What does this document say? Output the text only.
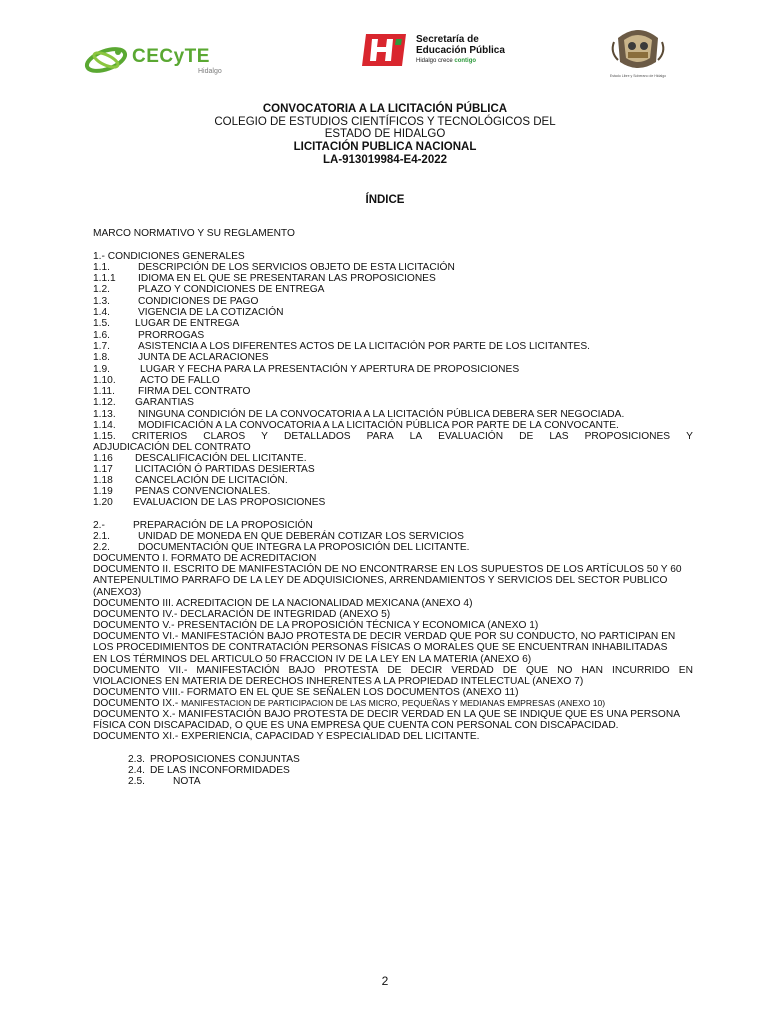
CECyTE
Hidalgo
Secretaría de
Educación Pública
Hidalgo crece contigo
Estado Libre y Soberano de Hidalgo
CONVOCATORIA A LA LICITACIÓN PÚBLICA
COLEGIO DE ESTUDIOS CIENTÍFICOS Y TECNOLÓGICOS DEL
ESTADO DE HIDALGO
LICITACIÓN PUBLICA NACIONAL
LA-913019984-E4-2022
ÍNDICE
MARCO NORMATIVO Y SU REGLAMENTO
1.- CONDICIONES GENERALES
1.1.	DESCRIPCIÓN DE LOS SERVICIOS OBJETO DE ESTA LICITACIÓN
1.1.1 IDIOMA EN EL QUE SE PRESENTARAN LAS PROPOSICIONES
1.2.	PLAZO Y CONDICIONES DE ENTREGA
1.3.	CONDICIONES DE PAGO
1.4.	VIGENCIA DE LA COTIZACIÓN
1.5. LUGAR DE ENTREGA
1.6.	PRORROGAS
1.7.	ASISTENCIA A LOS DIFERENTES ACTOS DE LA LICITACIÓN POR PARTE DE LOS LICITANTES.
1.8.	JUNTA DE ACLARACIONES
1.9.	LUGAR Y FECHA PARA LA PRESENTACIÓN Y APERTURA DE PROPOSICIONES
1.10. ACTO DE FALLO
1.11. FIRMA DEL CONTRATO
1.12. GARANTIAS
1.13. NINGUNA CONDICIÓN DE LA CONVOCATORIA A LA LICITACIÓN PÚBLICA DEBERA SER NEGOCIADA.
1.14. MODIFICACIÓN A LA CONVOCATORIA A LA LICITACIÓN PÚBLICA POR PARTE DE LA CONVOCANTE.
1.15. CRITERIOS CLAROS Y DETALLADOS PARA LA EVALUACIÓN DE LAS PROPOSICIONES Y
ADJUDICACIÓN DEL CONTRATO
1.16 DESCALIFICACIÓN DEL LICITANTE.
1.17 LICITACIÓN Ó PARTIDAS DESIERTAS
1.18 CANCELACIÓN DE LICITACIÓN.
1.19 PENAS CONVENCIONALES.
1.20 EVALUACION DE LAS PROPOSICIONES
2.-	PREPARACIÓN DE LA PROPOSICIÓN
2.1.	UNIDAD DE MONEDA EN QUE DEBERÁN COTIZAR LOS SERVICIOS
2.2.	DOCUMENTACIÓN QUE INTEGRA LA PROPOSICIÓN DEL LICITANTE.
DOCUMENTO I. FORMATO DE ACREDITACION
DOCUMENTO II. ESCRITO DE MANIFESTACIÓN DE NO ENCONTRARSE EN LOS SUPUESTOS DE LOS ARTÍCULOS 50 Y 60
ANTEPENULTIMO PARRAFO DE LA LEY DE ADQUISICIONES, ARRENDAMIENTOS Y SERVICIOS DEL SECTOR PUBLICO
(ANEXO3)
DOCUMENTO III. ACREDITACION DE LA NACIONALIDAD MEXICANA (ANEXO 4)
DOCUMENTO IV.- DECLARACIÓN DE INTEGRIDAD (ANEXO 5)
DOCUMENTO V.- PRESENTACIÓN DE LA PROPOSICIÓN TÉCNICA Y ECONOMICA (ANEXO 1)
DOCUMENTO VI.- MANIFESTACIÓN BAJO PROTESTA DE DECIR VERDAD QUE POR SU CONDUCTO, NO PARTICIPAN EN
LOS PROCEDIMIENTOS DE CONTRATACIÓN PERSONAS FÍSICAS O MORALES QUE SE ENCUENTRAN INHABILITADAS
EN LOS TÉRMINOS DEL ARTICULO 50 FRACCION IV DE LA LEY EN LA MATERIA (ANEXO 6)
DOCUMENTO VII.- MANIFESTACIÓN BAJO PROTESTA DE DECIR VERDAD DE QUE NO HAN INCURRIDO EN
VIOLACIONES EN MATERIA DE DERECHOS INHERENTES A LA PROPIEDAD INTELECTUAL (ANEXO 7)
DOCUMENTO VIII.- FORMATO EN EL QUE SE SEÑALEN LOS DOCUMENTOS (ANEXO 11)
DOCUMENTO IX.- MANIFESTACION DE PARTICIPACION DE LAS MICRO, PEQUEÑAS Y MEDIANAS EMPRESAS (ANEXO 10)
DOCUMENTO X.- MANIFESTACIÓN BAJO PROTESTA DE DECIR VERDAD EN LA QUE SE INDIQUE QUE ES UNA PERSONA
FÍSICA CON DISCAPACIDAD, O QUE ES UNA EMPRESA QUE CUENTA CON PERSONAL CON DISCAPACIDAD.
DOCUMENTO XI.- EXPERIENCIA, CAPACIDAD Y ESPECIALIDAD DEL LICITANTE.
2.3. PROPOSICIONES CONJUNTAS
2.4. DE LAS INCONFORMIDADES
2.5.	NOTA
2
